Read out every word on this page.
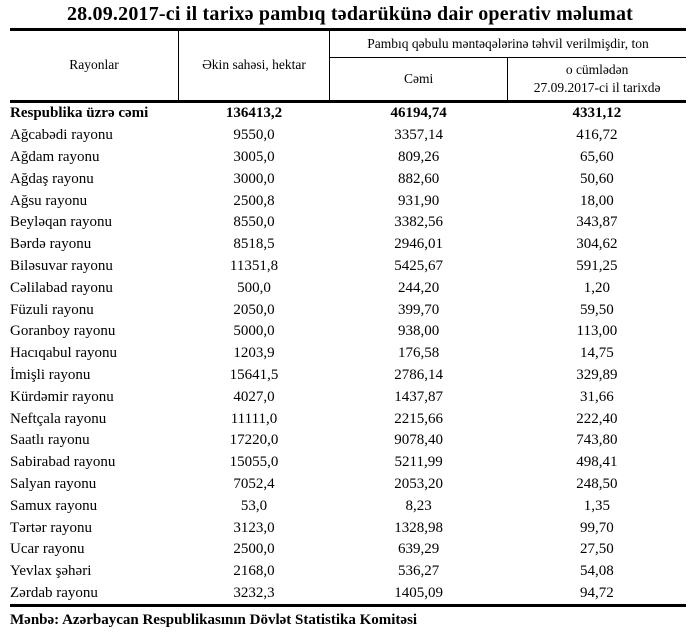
28.09.2017-ci il tarixə pambıq tədarükünə dair operativ məlumat
Rayonlar	Əkin sahəsi, hektar	Pambıq qəbulu məntəqələrinə təhvil verilmişdir, ton	
		Cəmi	o cümlədən
27.09.2017-ci il tarixdə
Respublika üzrə cəmi	136413,2	46194,74	4331,12
Ağcabədi rayonu	9550,0	3357,14	416,72
Ağdam rayonu	3005,0	809,26	65,60
Ağdaş rayonu	3000,0	882,60	50,60
Ağsu rayonu	2500,8	931,90	18,00
Beyləqan rayonu	8550,0	3382,56	343,87
Bərdə rayonu	8518,5	2946,01	304,62
Biləsuvar rayonu	11351,8	5425,67	591,25
Cəlilabad rayonu	500,0	244,20	1,20
Füzuli rayonu	2050,0	399,70	59,50
Goranboy rayonu	5000,0	938,00	113,00
Hacıqabul rayonu	1203,9	176,58	14,75
İmişli rayonu	15641,5	2786,14	329,89
Kürdəmir rayonu	4027,0	1437,87	31,66
Neftçala rayonu	11111,0	2215,66	222,40
Saatlı rayonu	17220,0	9078,40	743,80
Sabirabad rayonu	15055,0	5211,99	498,41
Salyan rayonu	7052,4	2053,20	248,50
Samux rayonu	53,0	8,23	1,35
Tərtər rayonu	3123,0	1328,98	99,70
Ucar rayonu	2500,0	639,29	27,50
Yevlax şəhəri	2168,0	536,27	54,08
Zərdab rayonu	3232,3	1405,09	94,72
Mənbə: Azərbaycan Respublikasının Dövlət Statistika Komitəsi
